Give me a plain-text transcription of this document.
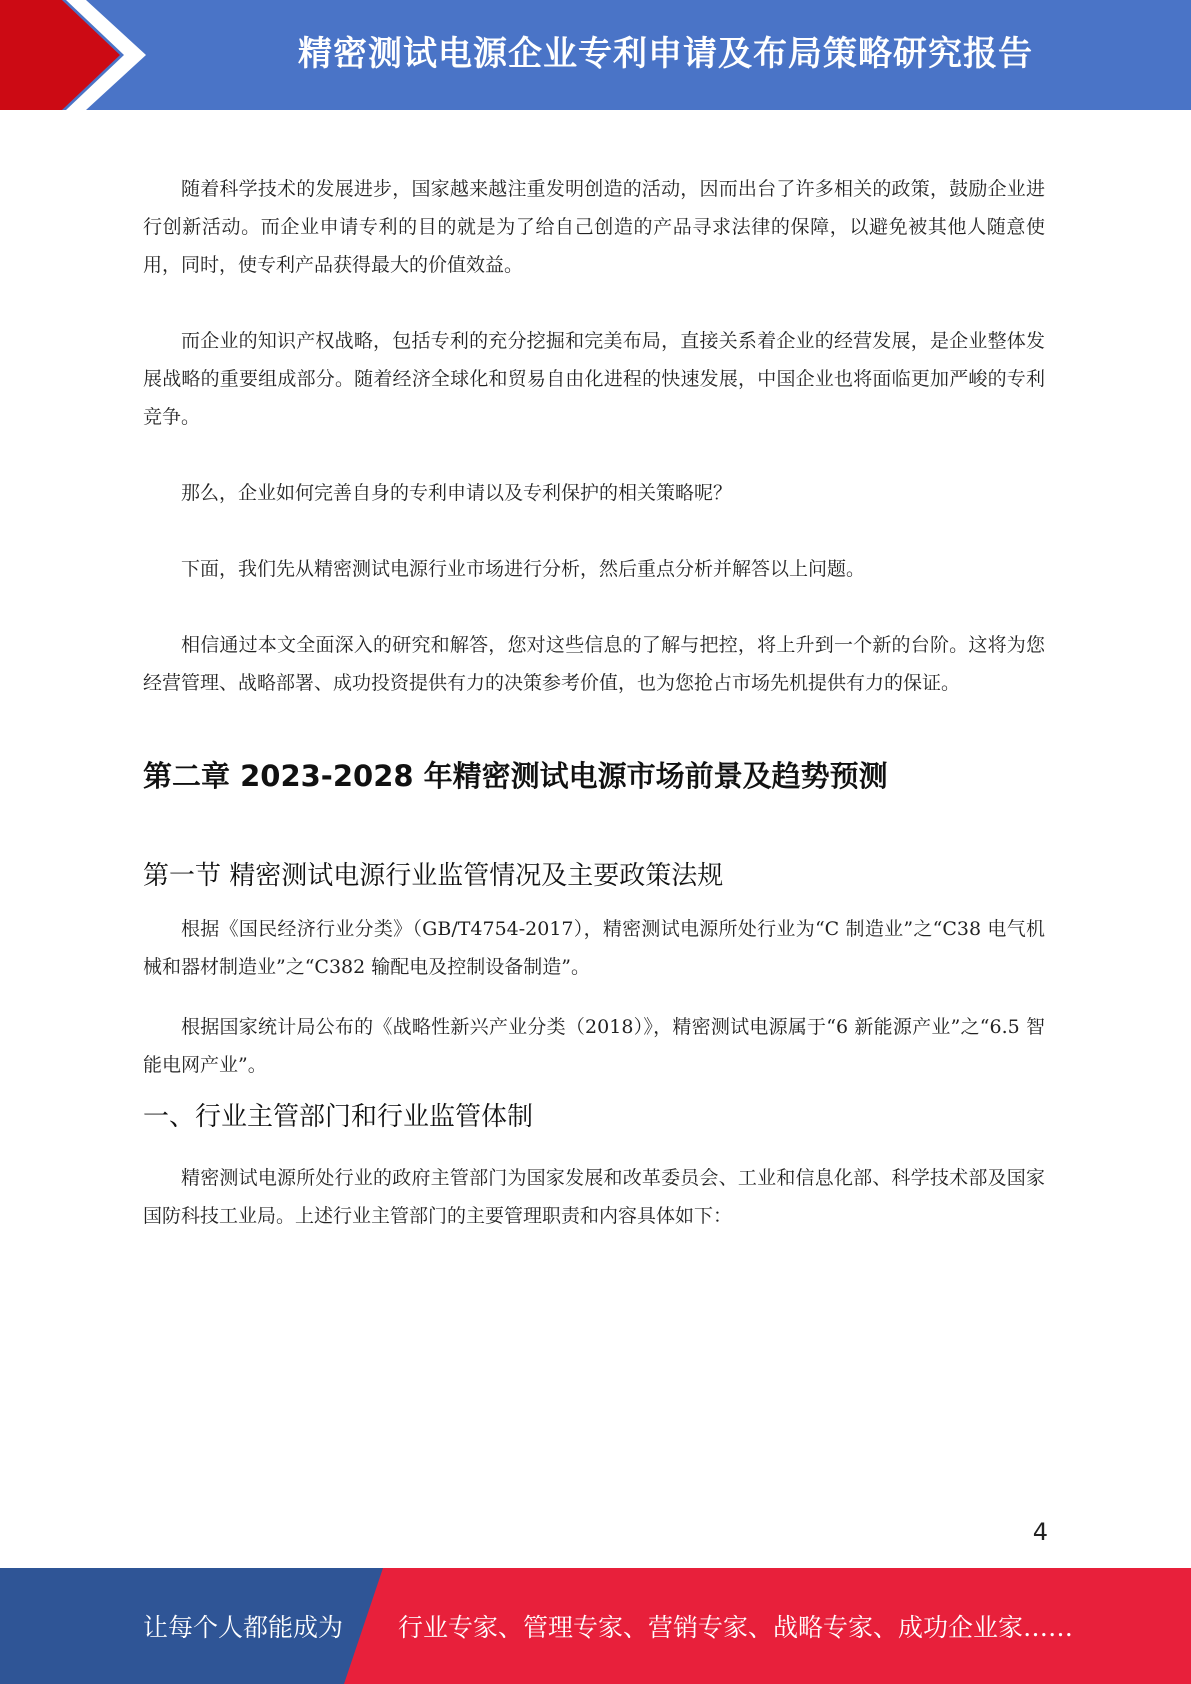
精密测试电源企业专利申请及布局策略研究报告

随着科学技术的发展进步，国家越来越注重发明创造的活动，因而出台了许多相关的政策，鼓励企业进行创新活动。而企业申请专利的目的就是为了给自己创造的产品寻求法律的保障，以避免被其他人随意使用，同时，使专利产品获得最大的价值效益。

而企业的知识产权战略，包括专利的充分挖掘和完美布局，直接关系着企业的经营发展，是企业整体发展战略的重要组成部分。随着经济全球化和贸易自由化进程的快速发展，中国企业也将面临更加严峻的专利竞争。

那么，企业如何完善自身的专利申请以及专利保护的相关策略呢？

下面，我们先从精密测试电源行业市场进行分析，然后重点分析并解答以上问题。

相信通过本文全面深入的研究和解答，您对这些信息的了解与把控，将上升到一个新的台阶。这将为您经营管理、战略部署、成功投资提供有力的决策参考价值，也为您抢占市场先机提供有力的保证。

第二章 2023-2028 年精密测试电源市场前景及趋势预测
第一节 精密测试电源行业监管情况及主要政策法规

根据《国民经济行业分类》（GB/T4754-2017），精密测试电源所处行业为“C 制造业”之“C38 电气机械和器材制造业”之“C382 输配电及控制设备制造”。

根据国家统计局公布的《战略性新兴产业分类（2018）》，精密测试电源属于“6 新能源产业”之“6.5 智能电网产业”。

一、行业主管部门和行业监管体制

精密测试电源所处行业的政府主管部门为国家发展和改革委员会、工业和信息化部、科学技术部及国家国防科技工业局。上述行业主管部门的主要管理职责和内容具体如下：

4
让每个人都能成为 行业专家、管理专家、营销专家、战略专家、成功企业家……
